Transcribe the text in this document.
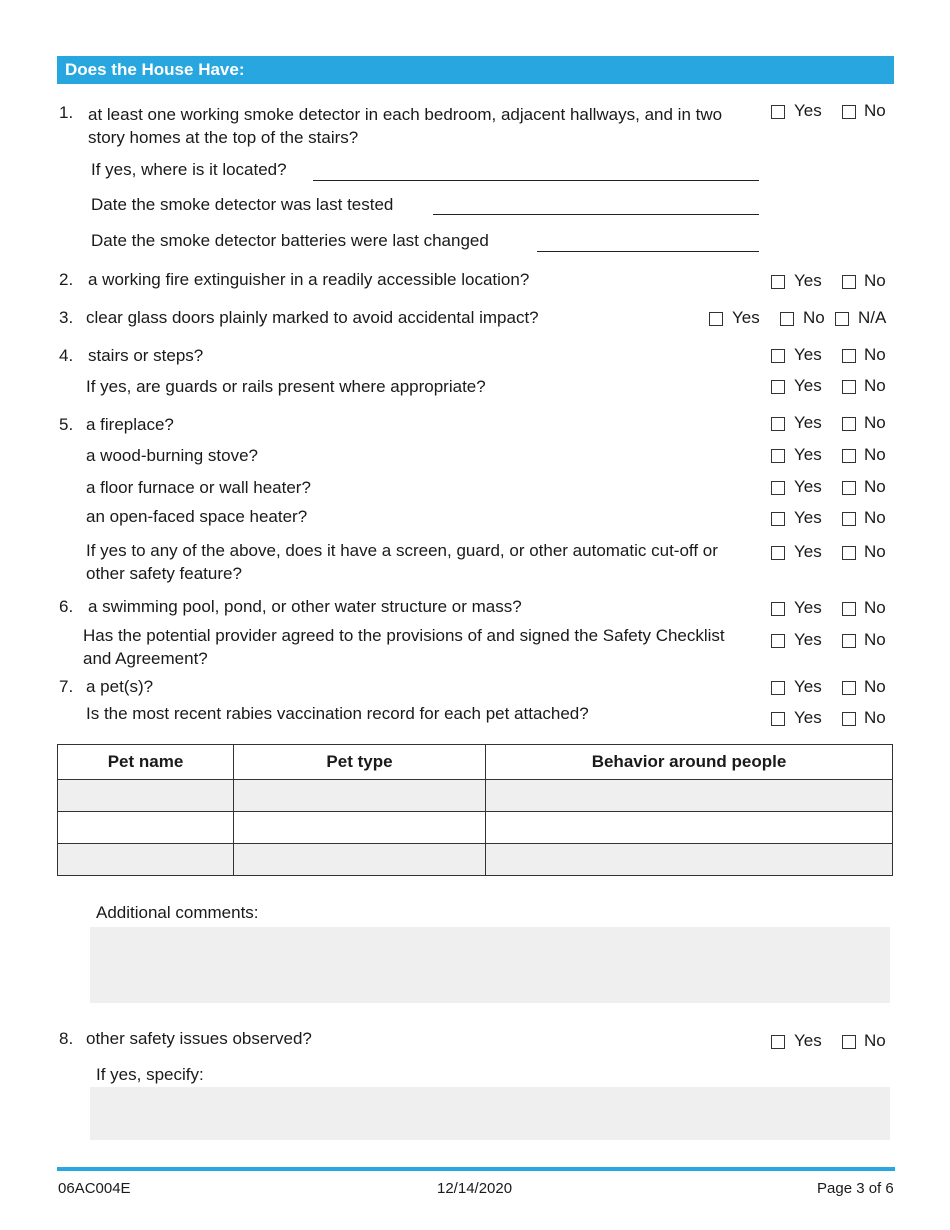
Does the House Have:
1. at least one working smoke detector in each bedroom, adjacent hallways, and in two story homes at the top of the stairs?
Yes No
If yes, where is it located?
Date the smoke detector was last tested
Date the smoke detector batteries were last changed
2. a working fire extinguisher in a readily accessible location?	Yes No
3. clear glass doors plainly marked to avoid accidental impact?	Yes	No N/A
4. stairs or steps?	Yes No
If yes, are guards or rails present where appropriate?	Yes No
5. a fireplace?	Yes No
a wood-burning stove?	Yes No
a floor furnace or wall heater?	Yes No
an open-faced space heater?	Yes No
If yes to any of the above, does it have a screen, guard, or other automatic cut-off or other safety feature?
Yes No
6. a swimming pool, pond, or other water structure or mass?	Yes No
Has the potential provider agreed to the provisions of and signed the Safety Checklist and Agreement?
Yes No
7. a pet(s)?	Yes No
Is the most recent rabies vaccination record for each pet attached?	Yes No
Pet name	Pet type	Behavior around people

Additional comments:
8. other safety issues observed?	Yes No
If yes, specify:
06AC004E	12/14/2020	Page 3 of 6
